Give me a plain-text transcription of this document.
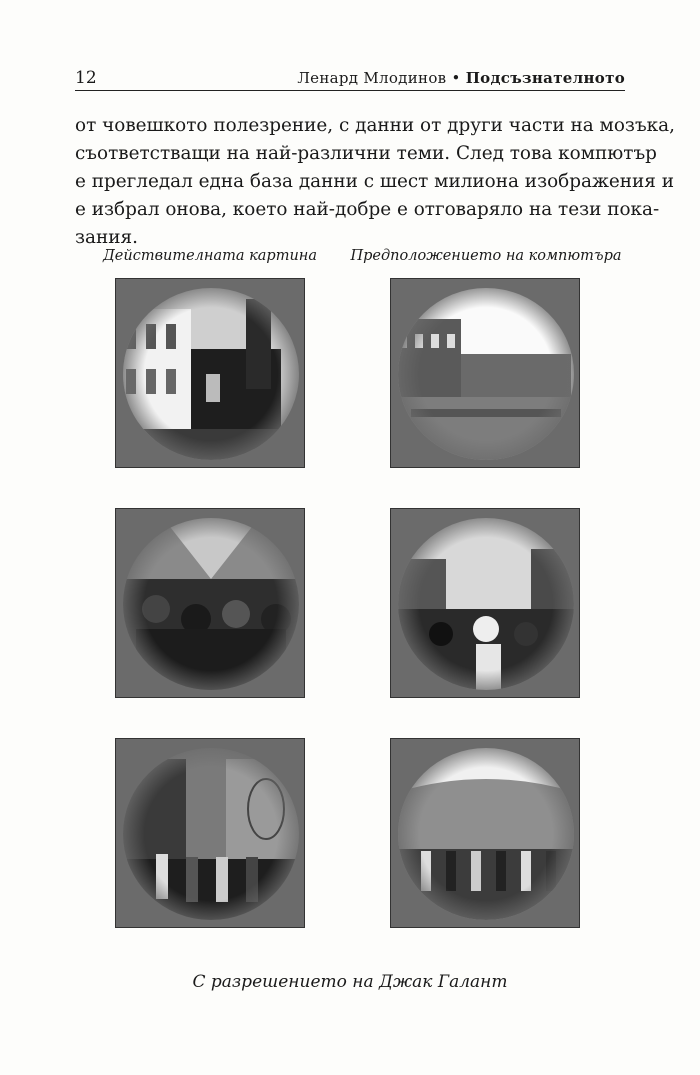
12	Ленард Млодинов • Подсъзнателното
от човешкото полезрение, с данни от други части на мозъка,
съответстващи на най-различни теми. След това компютър
е прегледал една база данни с шест милиона изображения и
е избрал онова, което най-добре е отговаряло на тези пока-
зания.
Действителната картина	Предположението на компютъра
С разрешението на Джак Галант
